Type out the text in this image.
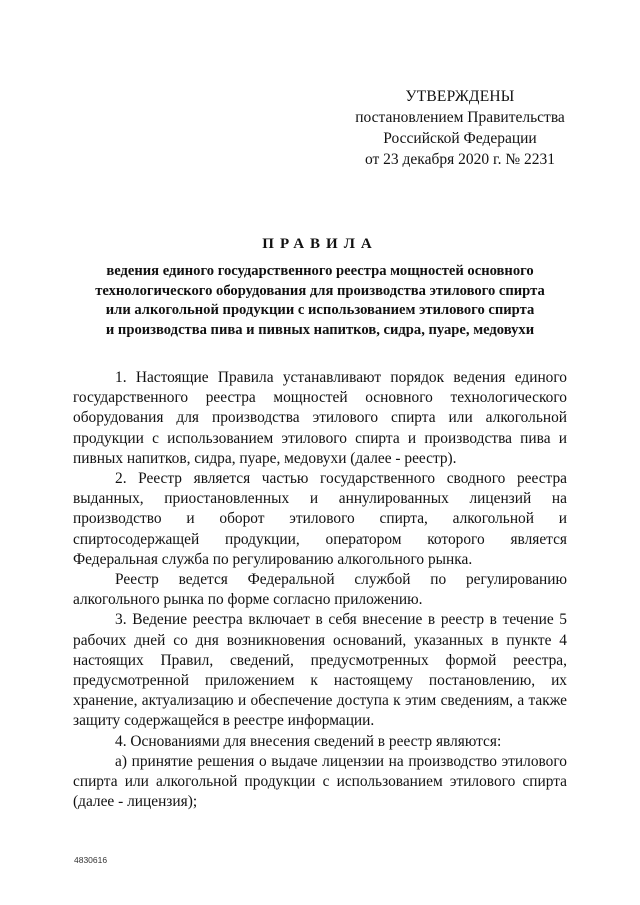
УТВЕРЖДЕНЫ
постановлением Правительства
Российской Федерации
от 23 декабря 2020 г. № 2231
ПРАВИЛА
ведения единого государственного реестра мощностей основного
технологического оборудования для производства этилового спирта
или алкогольной продукции с использованием этилового спирта
и производства пива и пивных напитков, сидра, пуаре, медовухи

1. Настоящие Правила устанавливают порядок ведения единого государственного реестра мощностей основного технологического оборудования для производства этилового спирта или алкогольной продукции с использованием этилового спирта и производства пива и пивных напитков, сидра, пуаре, медовухи (далее - реестр).

2. Реестр является частью государственного сводного реестра выданных, приостановленных и аннулированных лицензий на производство и оборот этилового спирта, алкогольной и спиртосодержащей продукции, оператором которого является Федеральная служба по регулированию алкогольного рынка.

Реестр ведется Федеральной службой по регулированию алкогольного рынка по форме согласно приложению.

3. Ведение реестра включает в себя внесение в реестр в течение 5 рабочих дней со дня возникновения оснований, указанных в пункте 4 настоящих Правил, сведений, предусмотренных формой реестра, предусмотренной приложением к настоящему постановлению, их хранение, актуализацию и обеспечение доступа к этим сведениям, а также защиту содержащейся в реестре информации.

4. Основаниями для внесения сведений в реестр являются:

а) принятие решения о выдаче лицензии на производство этилового спирта или алкогольной продукции с использованием этилового спирта (далее - лицензия);

4830616
